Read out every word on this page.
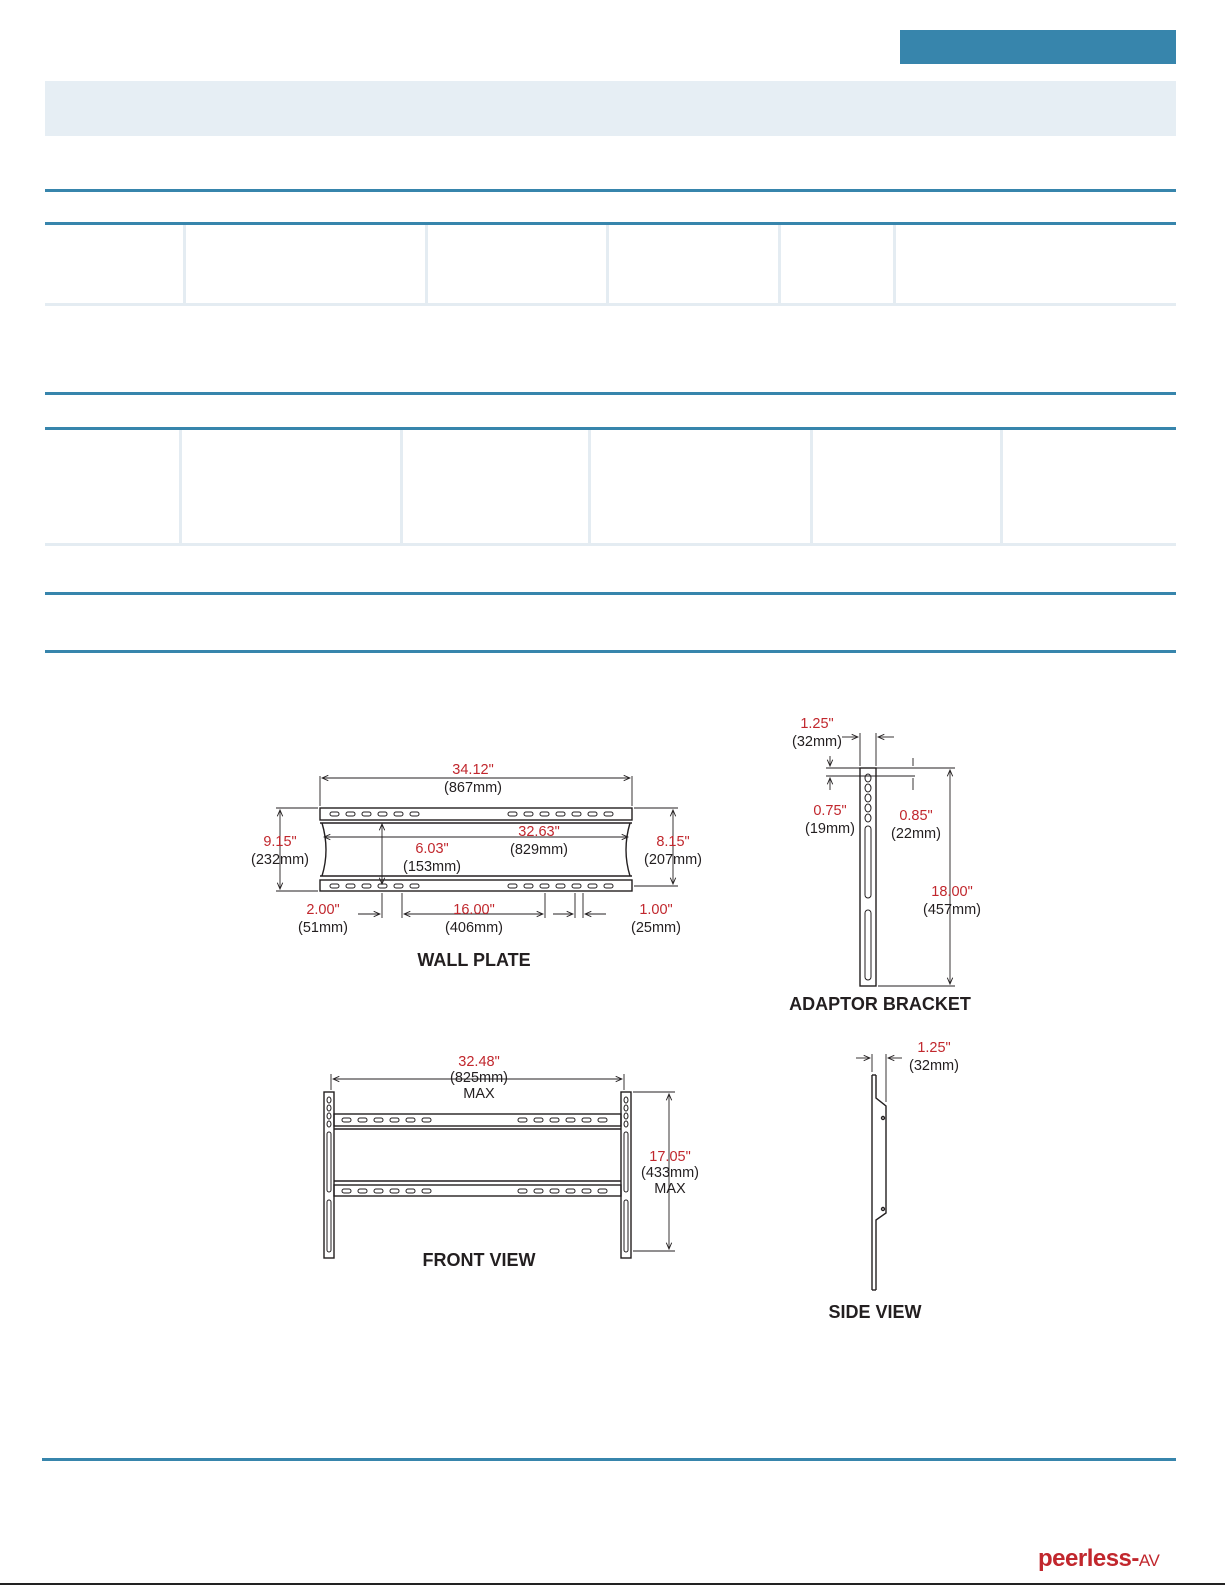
34.12"
(867mm)
32.63"
(829mm)
9.15"
(232mm)
8.15"
(207mm)
6.03"
(153mm)
2.00"
(51mm)
16.00"
(406mm)
1.00"
(25mm)
WALL PLATE
1.25"
(32mm)
0.75"
(19mm)
0.85"
(22mm)
18.00"
(457mm)
ADAPTOR BRACKET
32.48"
(825mm)
MAX
17.05"
(433mm)
MAX
FRONT VIEW
1.25"
(32mm)
SIDE VIEW
peerless-AV
